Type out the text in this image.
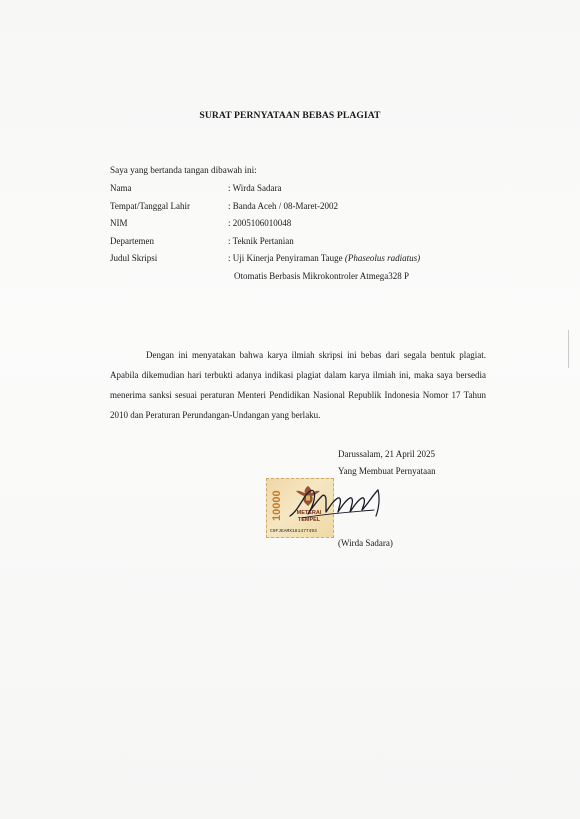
SURAT PERNYATAAN BEBAS PLAGIAT
Saya yang bertanda tangan dibawah ini:
Nama	: Wirda Sadara
Tempat/Tanggal Lahir	: Banda Aceh / 08-Maret-2002
NIM	: 2005106010048
Departemen	: Teknik Pertanian
Judul Skripsi	: Uji Kinerja Penyiraman Tauge (Phaseolus radiatus)
Otomatis Berbasis Mikrokontroler Atmega328 P

Dengan ini menyatakan bahwa karya ilmiah skripsi ini bebas dari segala bentuk plagiat. Apabila dikemudian hari terbukti adanya indikasi plagiat dalam karya ilmiah ini, maka saya bersedia menerima sanksi sesuai peraturan Menteri Pendidikan Nasional Republik Indonesia Nomor 17 Tahun 2010 dan Peraturan Perundangan-Undangan yang berlaku.

Darussalam, 21 April 2025
Yang Membuat Pernyataan
10000	METERAI
TEMPEL
C9FJEAMX181477493
(Wirda Sadara)
